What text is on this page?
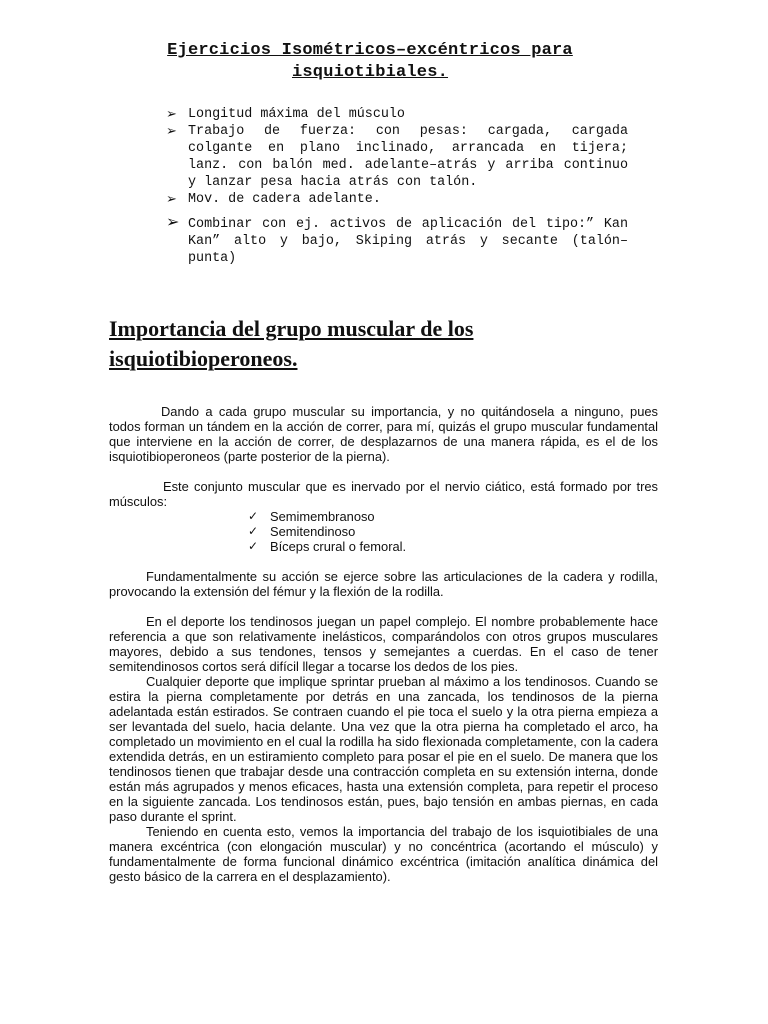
Ejercicios Isométricos–excéntricos para isquiotibiales.
➢ Longitud máxima del músculo
➢ Trabajo de fuerza: con pesas: cargada, cargada colgante en plano inclinado, arrancada en tijera; lanz. con balón med. adelante–atrás y arriba continuo y lanzar pesa hacia atrás con talón.
➢ Mov. de cadera adelante.
➢ Combinar con ej. activos de aplicación del tipo:” Kan Kan” alto y bajo, Skiping atrás y secante (talón–punta)
Importancia del grupo muscular de los isquiotibioperoneos.

Dando a cada grupo muscular su importancia, y no quitándosela a ninguno, pues todos forman un tándem en la acción de correr, para mí, quizás el grupo muscular fundamental que interviene en la acción de correr, de desplazarnos de una manera rápida, es el de los isquiotibioperoneos (parte posterior de la pierna).

Este conjunto muscular que es inervado por el nervio ciático, está formado por tres músculos:

✓ Semimembranoso
✓ Semitendinoso
✓ Bíceps crural o femoral.

Fundamentalmente su acción se ejerce sobre las articulaciones de la cadera y rodilla, provocando la extensión del fémur y la flexión de la rodilla.

En el deporte los tendinosos juegan un papel complejo. El nombre probablemente hace referencia a que son relativamente inelásticos, comparándolos con otros grupos musculares mayores, debido a sus tendones, tensos y semejantes a cuerdas. En el caso de tener semitendinosos cortos será difícil llegar a tocarse los dedos de los pies.

Cualquier deporte que implique sprintar prueban al máximo a los tendinosos. Cuando se estira la pierna completamente por detrás en una zancada, los tendinosos de la pierna adelantada están estirados. Se contraen cuando el pie toca el suelo y la otra pierna empieza a ser levantada del suelo, hacia delante. Una vez que la otra pierna ha completado el arco, ha completado un movimiento en el cual la rodilla ha sido flexionada completamente, con la cadera extendida detrás, en un estiramiento completo para posar el pie en el suelo. De manera que los tendinosos tienen que trabajar desde una contracción completa en su extensión interna, donde están más agrupados y menos eficaces, hasta una extensión completa, para repetir el proceso en la siguiente zancada. Los tendinosos están, pues, bajo tensión en ambas piernas, en cada paso durante el sprint.

Teniendo en cuenta esto, vemos la importancia del trabajo de los isquiotibiales de una manera excéntrica (con elongación muscular) y no concéntrica (acortando el músculo) y fundamentalmente de forma funcional dinámico excéntrica (imitación analítica dinámica del gesto básico de la carrera en el desplazamiento).
